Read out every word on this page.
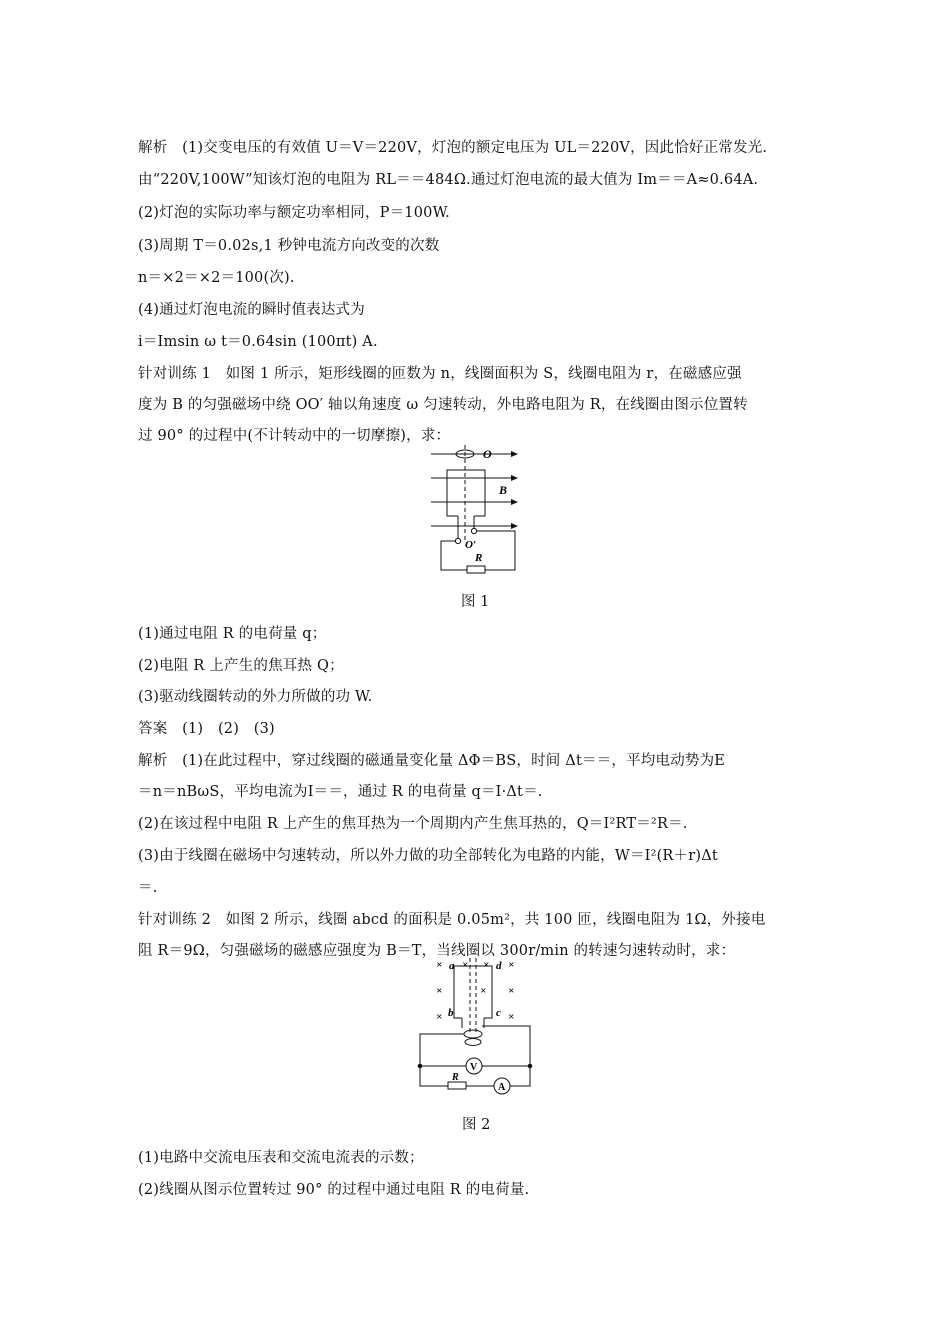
解析　(1)交变电压的有效值 U＝V＝220V，灯泡的额定电压为 UL＝220V，因此恰好正常发光.
由“220V,100W”知该灯泡的电阻为 RL＝＝484Ω.通过灯泡电流的最大值为 Im＝＝A≈0.64A.
(2)灯泡的实际功率与额定功率相同，P＝100W.
(3)周期 T＝0.02s,1 秒钟电流方向改变的次数
n＝×2＝×2＝100(次).
(4)通过灯泡电流的瞬时值表达式为
i＝Imsin ω t＝0.64sin (100πt) A.
针对训练 1　如图 1 所示，矩形线圈的匝数为 n，线圈面积为 S，线圈电阻为 r，在磁感应强
度为 B 的匀强磁场中绕 OO′ 轴以角速度 ω 匀速转动，外电路电阻为 R，在线圈由图示位置转
过 90° 的过程中(不计转动中的一切摩擦)，求：
O
B
O′
R
图 1
(1)通过电阻 R 的电荷量 q；
(2)电阻 R 上产生的焦耳热 Q；
(3)驱动线圈转动的外力所做的功 W.
答案　(1)　(2)　(3)
解析　(1)在此过程中，穿过线圈的磁通量变化量 ΔΦ＝BS，时间 Δt＝＝，平均电动势为E
＝n＝nBωS，平均电流为I＝＝，通过 R 的电荷量 q＝I·Δt＝.
(2)在该过程中电阻 R 上产生的焦耳热为一个周期内产生焦耳热的，Q＝I²RT＝²R＝.
(3)由于线圈在磁场中匀速转动，所以外力做的功全部转化为电路的内能，W＝I²(R＋r)Δt
＝.
针对训练 2　如图 2 所示，线圈 abcd 的面积是 0.05m²，共 100 匝，线圈电阻为 1Ω，外接电
阻 R＝9Ω，匀强磁场的磁感应强度为 B＝T，当线圈以 300r/min 的转速匀速转动时，求：
×
×
×
× × ×
×
×
×
a	d
b	c
V
A
R
图 2
(1)电路中交流电压表和交流电流表的示数；
(2)线圈从图示位置转过 90° 的过程中通过电阻 R 的电荷量.
